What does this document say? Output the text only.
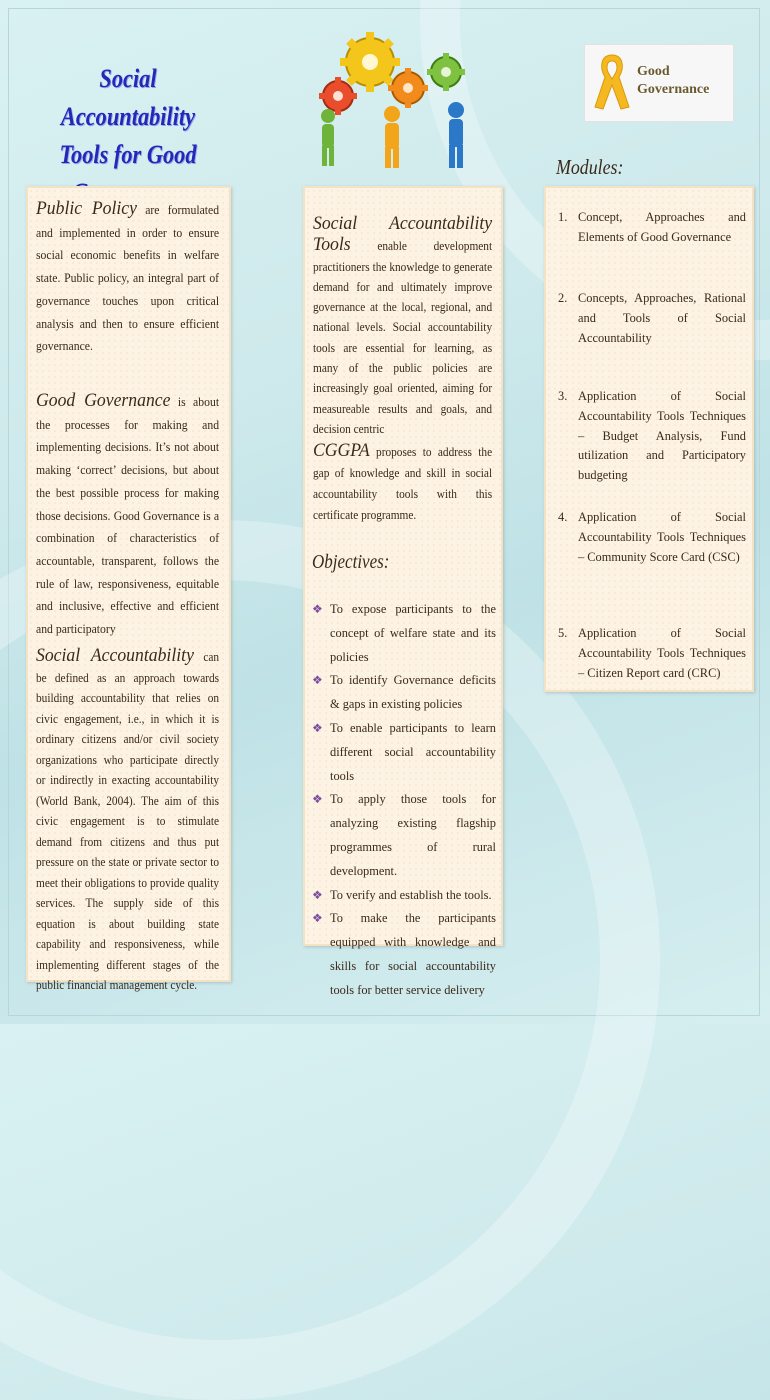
Social Accountability
Tools for Good
Good
Governance
Public Policy are formulated and implemented in order to ensure social economic benefits in welfare state. Public policy, an integral part of governance touches upon critical analysis and then to ensure efficient governance.
Good Governance is about the processes for making and implementing decisions. It’s not about making ‘correct’ decisions, but about the best possible process for making those decisions. Good Governance is a combination of characteristics of accountable, transparent, follows the rule of law, responsiveness, equitable and inclusive, effective and efficient and participatory
Social Accountability can be defined as an approach towards building accountability that relies on civic engagement, i.e., in which it is ordinary citizens and/or civil society organizations who participate directly or indirectly in exacting accountability (World Bank, 2004). The aim of this civic engagement is to stimulate demand from citizens and thus put pressure on the state or private sector to meet their obligations to provide quality services. The supply side of this equation is about building state capability and responsiveness, while implementing different stages of the public financial management cycle.
Social Accountability Tools enable development practitioners the knowledge to generate demand for and ultimately improve governance at the local, regional, and national levels. Social accountability tools are essential for learning, as many of the public policies are increasingly goal oriented, aiming for measureable results and goals, and decision centric
CGGPA proposes to address the gap of knowledge and skill in social accountability tools with this certificate programme.
Objectives:
❖ To expose participants to the concept of welfare state and its policies
❖ To identify Governance deficits & gaps in existing policies
❖ To enable participants to learn different social accountability tools
❖ To apply those tools for analyzing existing flagship programmes of rural development.
❖ To verify and establish the tools.
❖ To make the participants equipped with knowledge and skills for social accountability tools for better service delivery
Modules:
1. Concept, Approaches and Elements of Good Governance
2. Concepts, Approaches, Rational and Tools of Social Accountability
3. Application of Social Accountability Tools Techniques – Budget Analysis, Fund utilization and Participatory budgeting
4. Application of Social Accountability Tools Techniques – Community Score Card (CSC)
5. Application of Social Accountability Tools Techniques – Citizen Report card (CRC)
